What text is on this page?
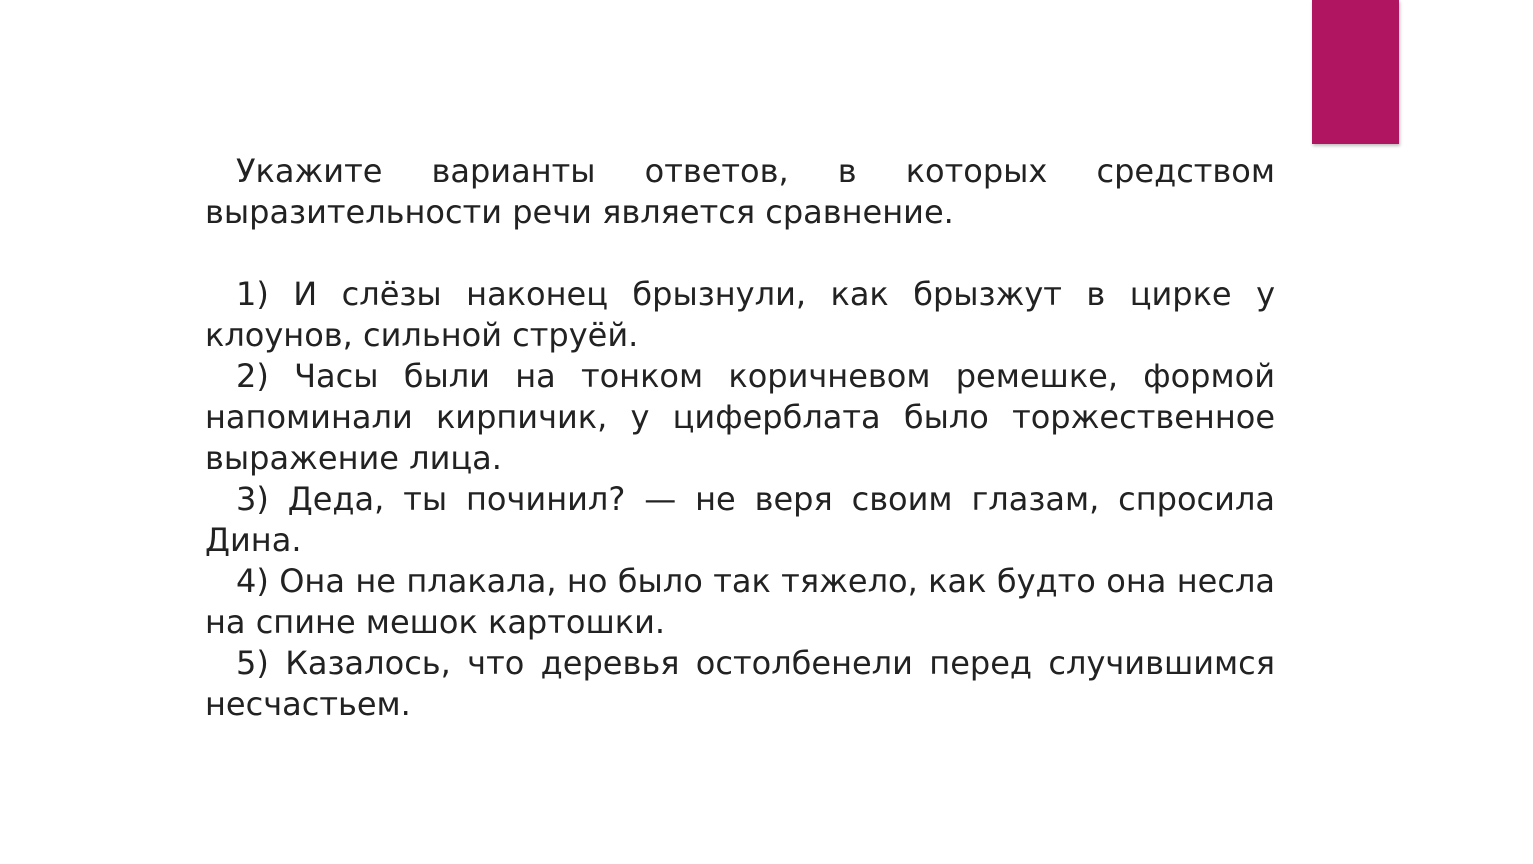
Укажите варианты ответов, в которых средством выразительности речи является сравнение.

1) И слёзы наконец брызнули, как брызжут в цирке у клоунов, сильной струёй.

2) Часы были на тонком коричневом ремешке, формой напоминали кирпичик, у циферблата было торжественное выражение лица.

3) Деда, ты починил? — не веря своим глазам, спросила Дина.

4) Она не плакала, но было так тяжело, как будто она несла на спине мешок картошки.

5) Казалось, что деревья остолбенели перед случившимся несчастьем.
